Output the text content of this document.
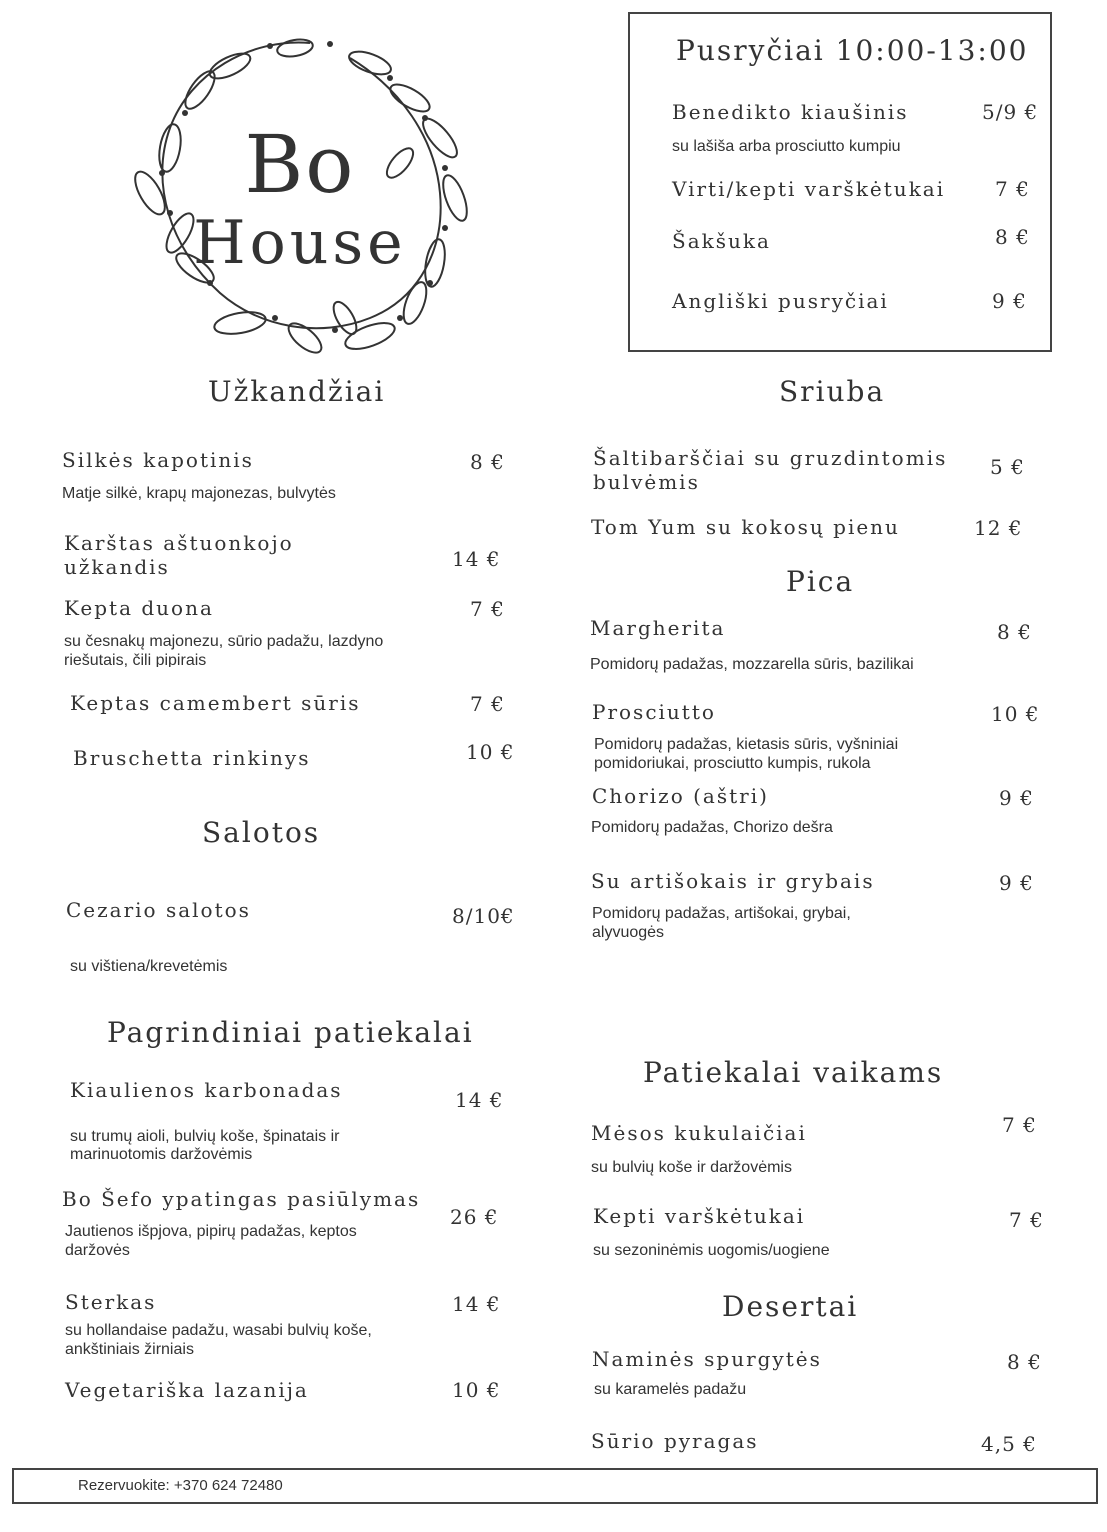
Bo
House
Pusryčiai 10:00-13:00
Benedikto kiaušinis	5/9 €
su lašiša arba prosciutto kumpiu
Virti/kepti varškėtukai 7 €
Šakšuka	8 €
Angliški pusryčiai	9 €
Užkandžiai
Silkės kapotinis	8 €
Matje silkė, krapų majonezas, bulvytės
Karštas aštuonkojo
užkandis	14 €
Kepta duona	7 €
su česnakų majonezu, sūrio padažu, lazdyno
riešutais, čili pipirais
Keptas camembert sūris	7 €
Bruschetta rinkinys	10 €
Salotos
Cezario salotos	8/10€
su vištiena/krevetėmis
Pagrindiniai patiekalai
Kiaulienos karbonadas	14 €
su trumų aioli, bulvių koše, špinatais ir
marinuotomis daržovėmis
Bo Šefo ypatingas pasiūlymas
26 €
Jautienos išpjova, pipirų padažas, keptos
daržovės
Sterkas	14 €
su hollandaise padažu, wasabi bulvių koše,
ankštiniais žirniais
Vegetariška lazanija	10 €
Sriuba
Šaltibarščiai su gruzdintomis
bulvėmis
5 €
Tom Yum su kokosų pienu	12 €
Pica
Margherita	8 €
Pomidorų padažas, mozzarella sūris, bazilikai
Prosciutto	10 €
Pomidorų padažas, kietasis sūris, vyšniniai
pomidoriukai, prosciutto kumpis, rukola
Chorizo (aštri)	9 €
Pomidorų padažas, Chorizo dešra
Su artišokais ir grybais	9 €
Pomidorų padažas, artišokai, grybai,
alyvuogės
Patiekalai vaikams
Mėsos kukulaičiai	7 €
su bulvių koše ir daržovėmis
Kepti varškėtukai	7 €
su sezoninėmis uogomis/uogiene
Desertai
Naminės spurgytės	8 €
su karamelės padažu
Sūrio pyragas	4,5 €
Rezervuokite: +370 624 72480
